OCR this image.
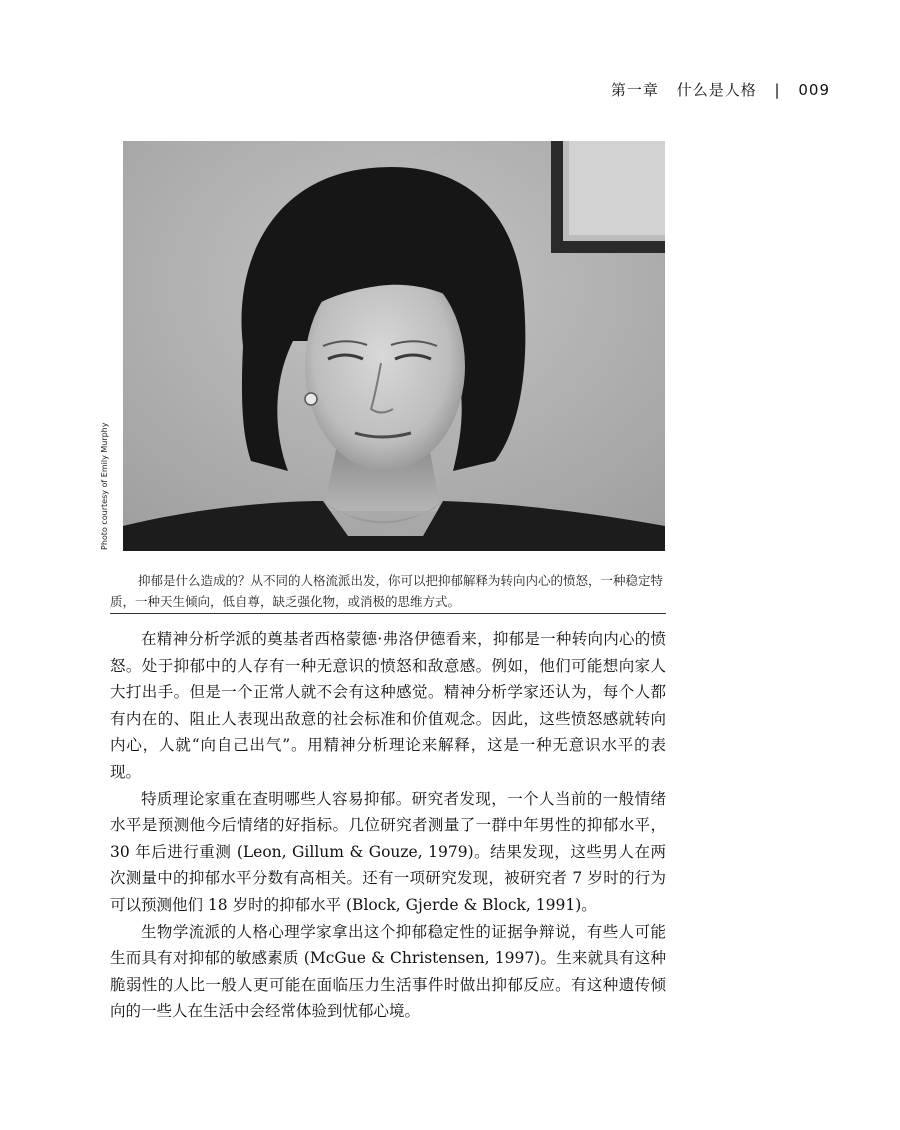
第一章 什么是人格 | 009
Photo courtesy of Emily Murphy
抑郁是什么造成的？从不同的人格流派出发，你可以把抑郁解释为转向内心的愤怒，一种稳定特质，一种天生倾向，低自尊，缺乏强化物，或消极的思维方式。

在精神分析学派的奠基者西格蒙德·弗洛伊德看来，抑郁是一种转向内心的愤怒。处于抑郁中的人存有一种无意识的愤怒和敌意感。例如，他们可能想向家人大打出手。但是一个正常人就不会有这种感觉。精神分析学家还认为，每个人都有内在的、阻止人表现出敌意的社会标准和价值观念。因此，这些愤怒感就转向内心，人就“向自己出气”。用精神分析理论来解释，这是一种无意识水平的表现。

特质理论家重在查明哪些人容易抑郁。研究者发现，一个人当前的一般情绪水平是预测他今后情绪的好指标。几位研究者测量了一群中年男性的抑郁水平，30 年后进行重测 (Leon, Gillum & Gouze, 1979)。结果发现，这些男人在两次测量中的抑郁水平分数有高相关。还有一项研究发现，被研究者 7 岁时的行为可以预测他们 18 岁时的抑郁水平 (Block, Gjerde & Block, 1991)。

生物学流派的人格心理学家拿出这个抑郁稳定性的证据争辩说，有些人可能生而具有对抑郁的敏感素质 (McGue & Christensen, 1997)。生来就具有这种脆弱性的人比一般人更可能在面临压力生活事件时做出抑郁反应。有这种遗传倾向的一些人在生活中会经常体验到忧郁心境。
